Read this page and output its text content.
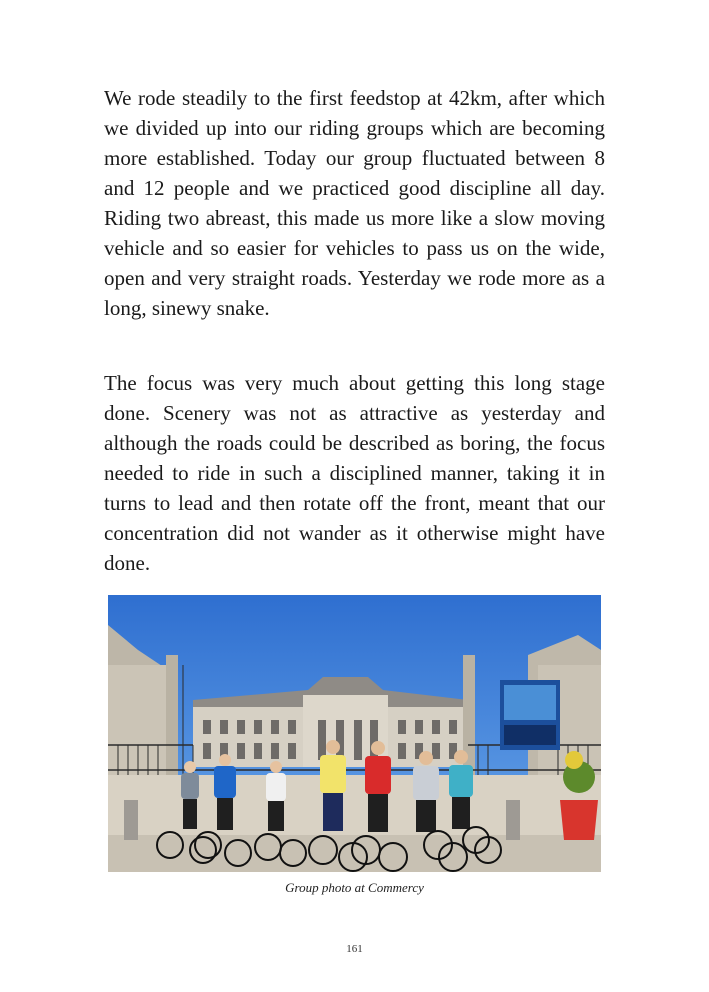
We rode steadily to the first feedstop at 42km, after which we divided up into our riding groups which are becoming more established. Today our group fluctuated between 8 and 12 people and we practiced good discipline all day. Riding two abreast, this made us more like a slow moving vehicle and so easier for vehicles to pass us on the wide, open and very straight roads. Yesterday we rode more as a long, sinewy snake.

The focus was very much about getting this long stage done. Scenery was not as attractive as yesterday and although the roads could be described as boring, the focus needed to ride in such a disciplined manner, taking it in turns to lead and then rotate off the front, meant that our concentration did not wander as it otherwise might have done.

Group photo at Commercy
161
